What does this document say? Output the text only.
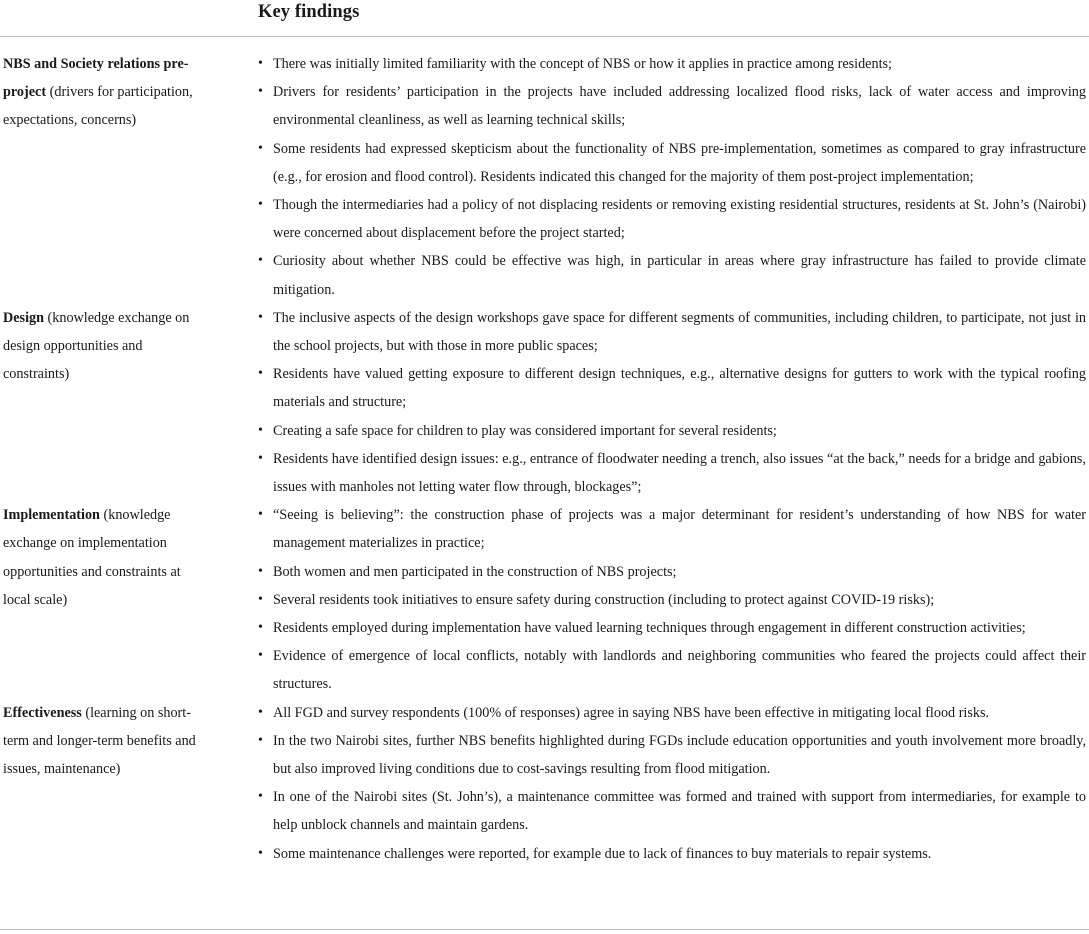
Key findings
NBS and Society relations pre-project (drivers for participation, expectations, concerns)
• There was initially limited familiarity with the concept of NBS or how it applies in practice among residents;
• Drivers for residents’ participation in the projects have included addressing localized flood risks, lack of water access and improving environmental cleanliness, as well as learning technical skills;
• Some residents had expressed skepticism about the functionality of NBS pre-implementation, sometimes as compared to gray infrastructure (e.g., for erosion and flood control). Residents indicated this changed for the majority of them post-project implementation;
• Though the intermediaries had a policy of not displacing residents or removing existing residential structures, residents at St. John’s (Nairobi) were concerned about displacement before the project started;
• Curiosity about whether NBS could be effective was high, in particular in areas where gray infrastructure has failed to provide climate mitigation.
Design (knowledge exchange on design opportunities and constraints)
• The inclusive aspects of the design workshops gave space for different segments of communities, including children, to participate, not just in the school projects, but with those in more public spaces;
• Residents have valued getting exposure to different design techniques, e.g., alternative designs for gutters to work with the typical roofing materials and structure;
• Creating a safe space for children to play was considered important for several residents;
• Residents have identified design issues: e.g., entrance of floodwater needing a trench, also issues “at the back,” needs for a bridge and gabions, issues with manholes not letting water flow through, blockages”;
Implementation (knowledge exchange on implementation opportunities and constraints at local scale)
• “Seeing is believing”: the construction phase of projects was a major determinant for resident’s understanding of how NBS for water management materializes in practice;
• Both women and men participated in the construction of NBS projects;
• Several residents took initiatives to ensure safety during construction (including to protect against COVID-19 risks);
• Residents employed during implementation have valued learning techniques through engagement in different construction activities;
• Evidence of emergence of local conflicts, notably with landlords and neighboring communities who feared the projects could affect their structures.
Effectiveness (learning on short-term and longer-term benefits and issues, maintenance)
• All FGD and survey respondents (100% of responses) agree in saying NBS have been effective in mitigating local flood risks.
• In the two Nairobi sites, further NBS benefits highlighted during FGDs include education opportunities and youth involvement more broadly, but also improved living conditions due to cost-savings resulting from flood mitigation.
• In one of the Nairobi sites (St. John’s), a maintenance committee was formed and trained with support from intermediaries, for example to help unblock channels and maintain gardens.
• Some maintenance challenges were reported, for example due to lack of finances to buy materials to repair systems.
